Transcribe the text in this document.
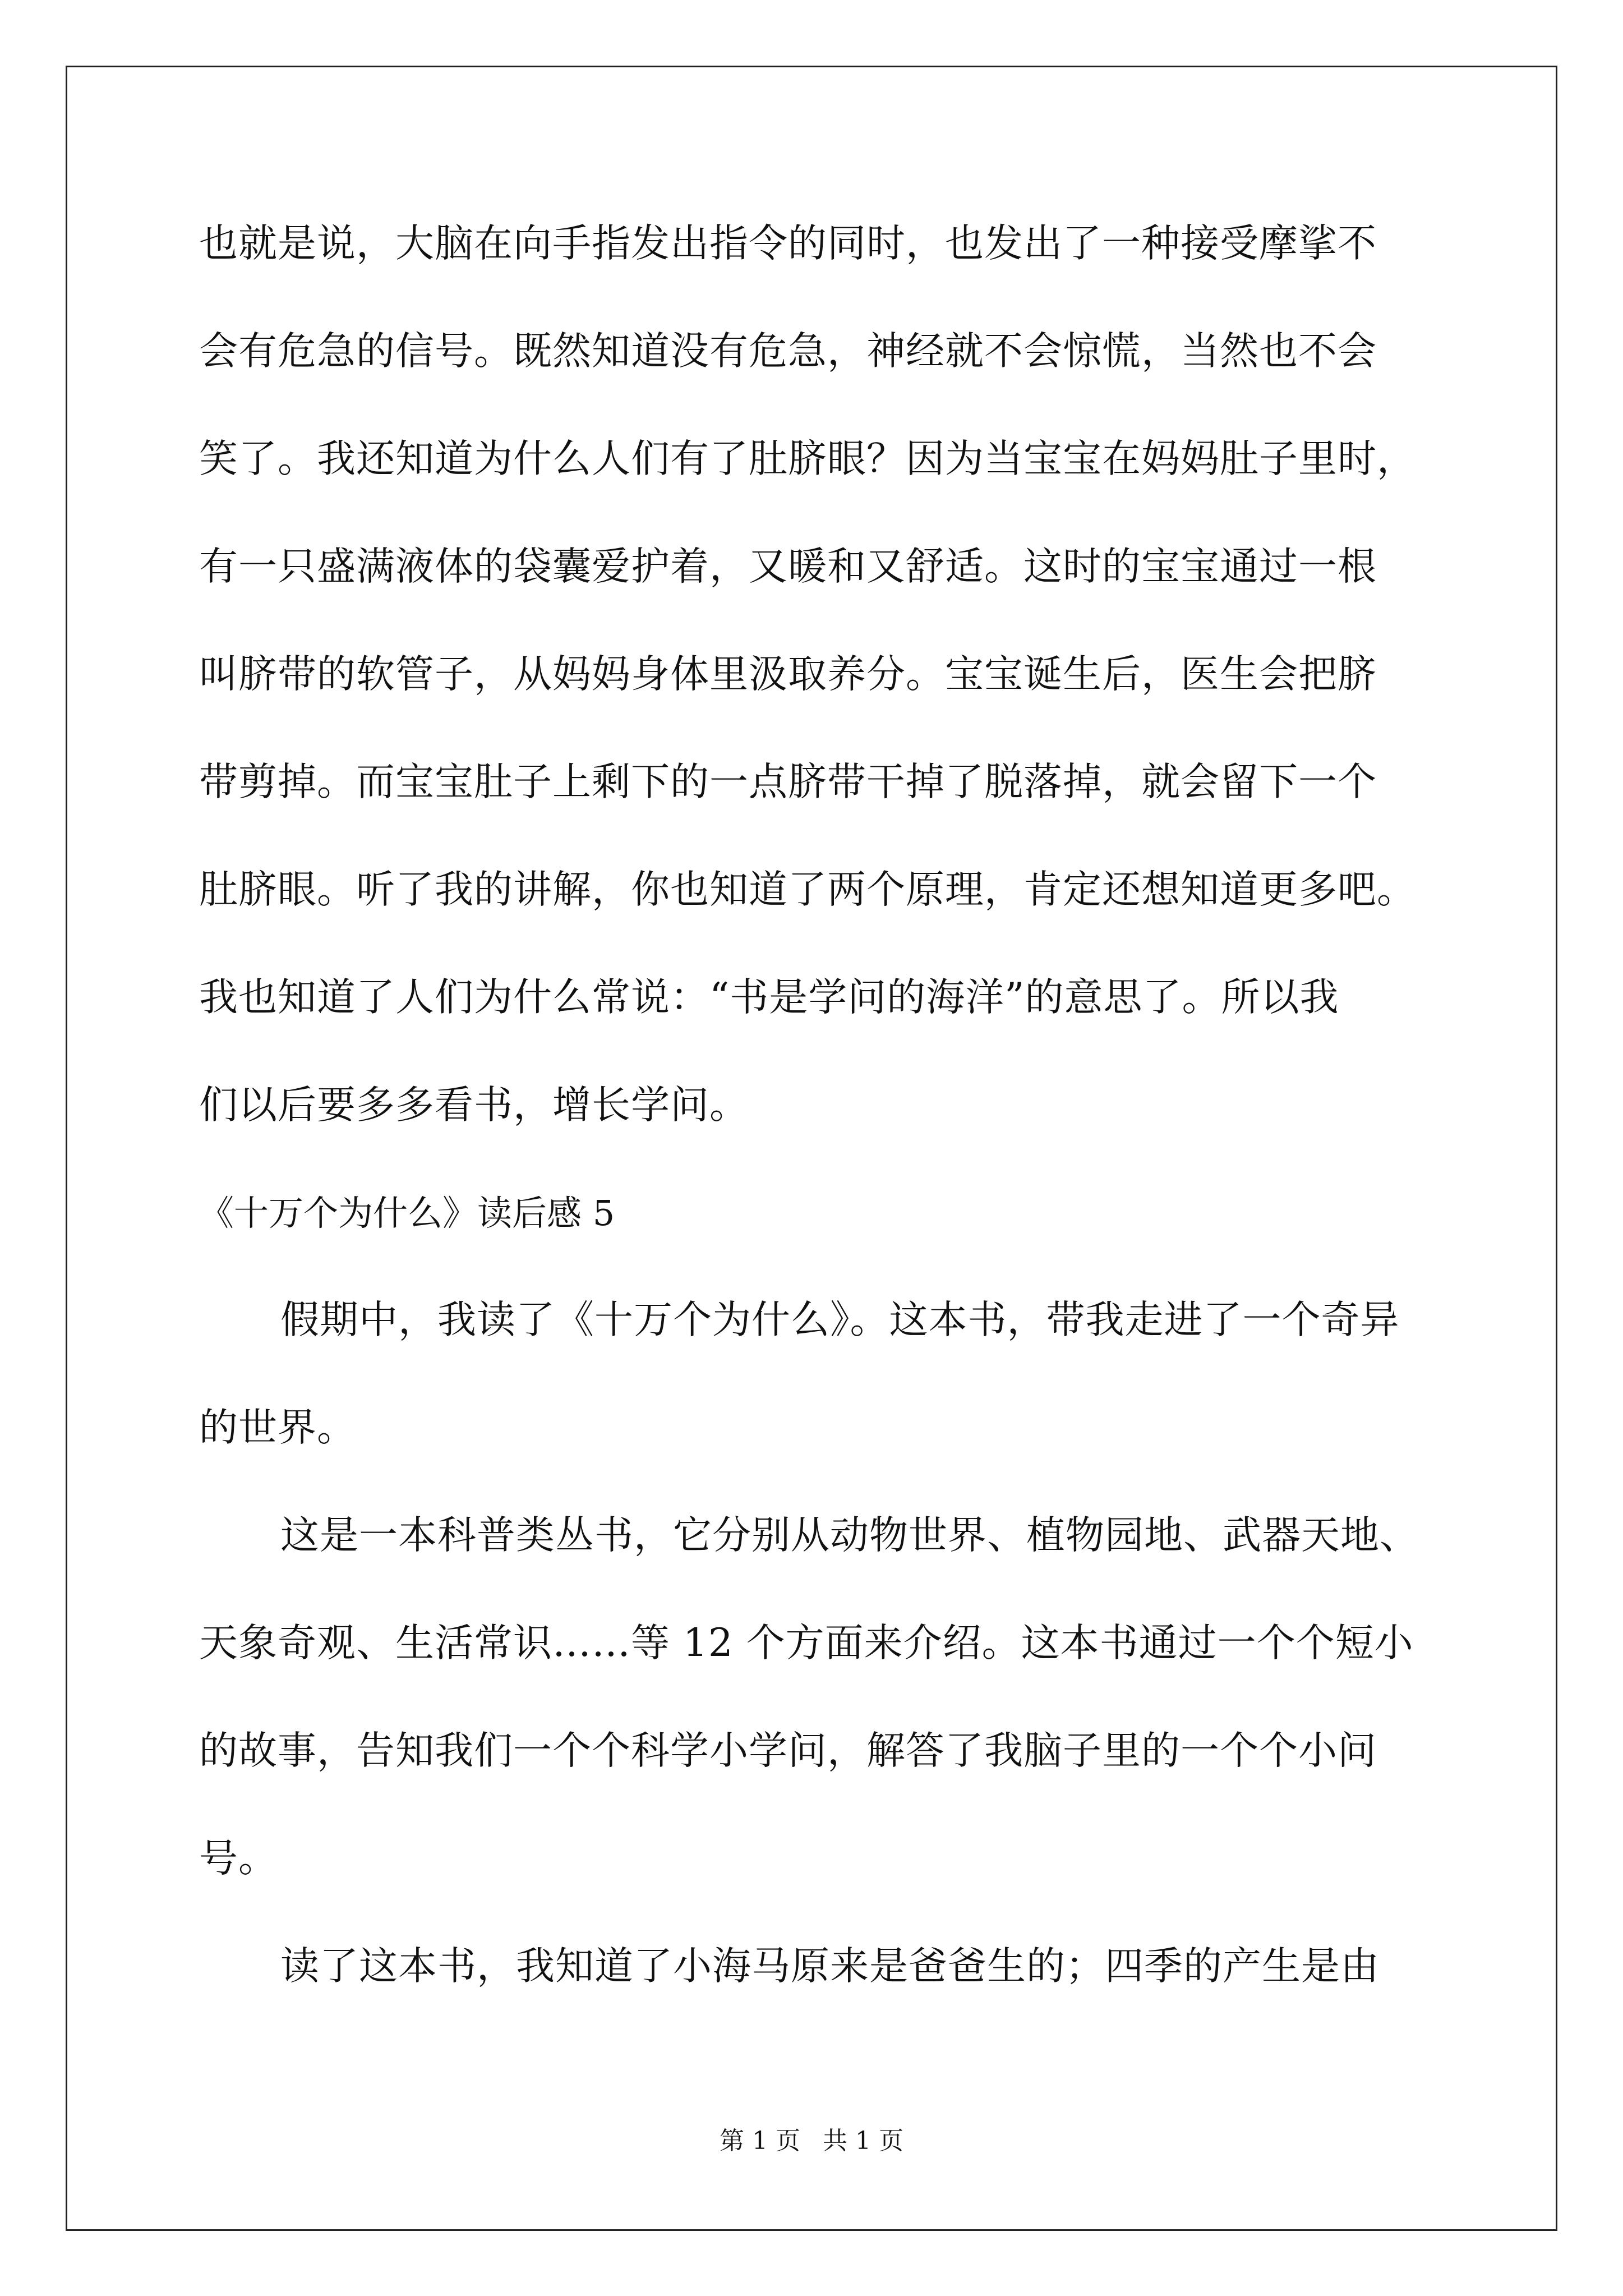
也就是说，大脑在向手指发出指令的同时，也发出了一种接受摩挲不
会有危急的信号。既然知道没有危急，神经就不会惊慌，当然也不会
笑了。我还知道为什么人们有了肚脐眼？因为当宝宝在妈妈肚子里时，
有一只盛满液体的袋囊爱护着，又暖和又舒适。这时的宝宝通过一根
叫脐带的软管子，从妈妈身体里汲取养分。宝宝诞生后，医生会把脐
带剪掉。而宝宝肚子上剩下的一点脐带干掉了脱落掉，就会留下一个
肚脐眼。听了我的讲解，你也知道了两个原理，肯定还想知道更多吧。
我也知道了人们为什么常说：“书是学问的海洋”的意思了。所以我
们以后要多多看书，增长学问。
《十万个为什么》读后感 5
假期中，我读了《十万个为什么》。这本书，带我走进了一个奇异
的世界。
这是一本科普类丛书，它分别从动物世界、植物园地、武器天地、
天象奇观、生活常识……等 12 个方面来介绍。这本书通过一个个短小
的故事，告知我们一个个科学小学问，解答了我脑子里的一个个小问
号。
读了这本书，我知道了小海马原来是爸爸生的；四季的产生是由
第 1 页 共 1 页
